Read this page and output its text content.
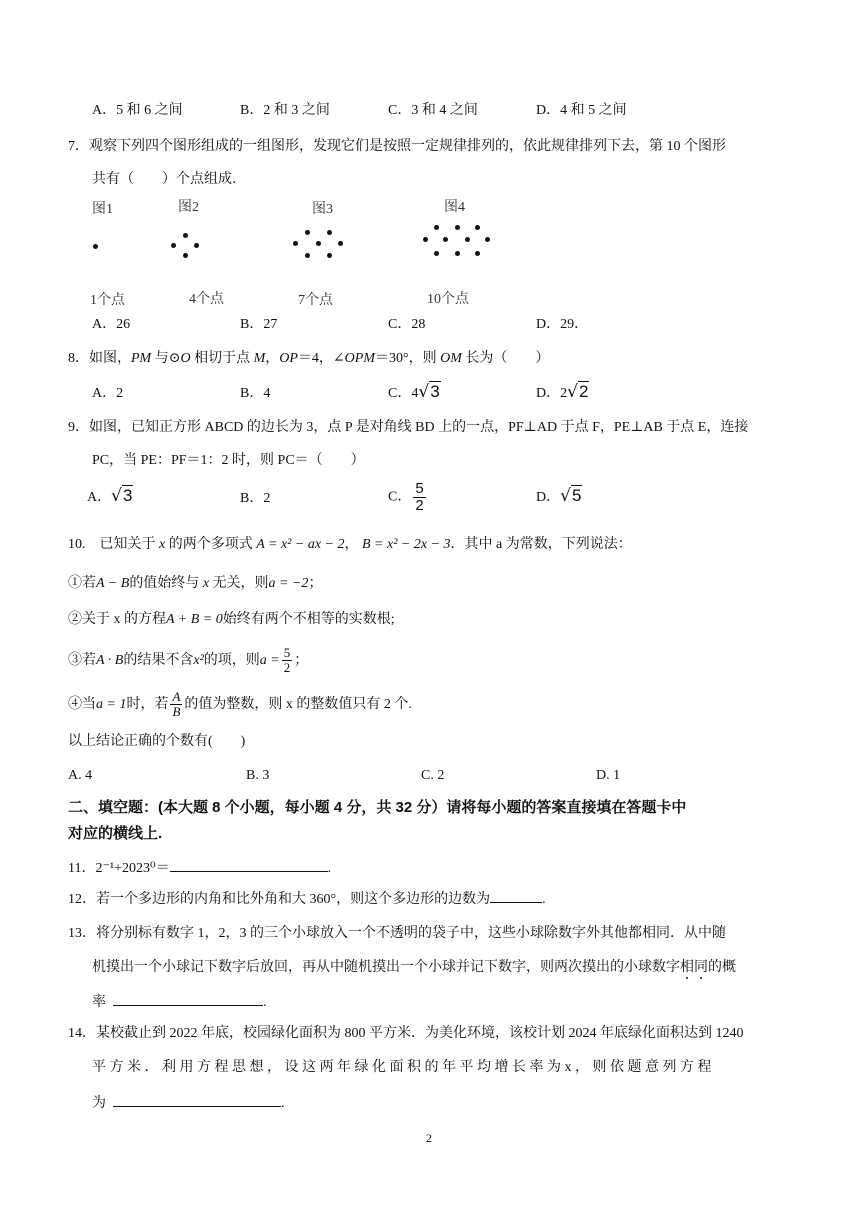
A．5 和 6 之间	B．2 和 3 之间	C．3 和 4 之间	D．4 和 5 之间
7．观察下列四个图形组成的一组图形，发现它们是按照一定规律排列的，依此规律排列下去，第 10 个图形
共有（　　）个点组成．
图1	图2	图3	图4
1个点	4个点	7个点	10个点
A．26	B．27	C．28	D．29．
8．如图，PM 与⊙O 相切于点 M，OP＝4，∠OPM＝30°，则 OM 长为（　　）
A．2	B．4	C．4√3	D．2√2
9．如图，已知正方形 ABCD 的边长为 3，点 P 是对角线 BD 上的一点，PF⊥AD 于点 F，PE⊥AB 于点 E，连接
PC，当 PE：PF＝1：2 时，则 PC＝（　　）
A．√3	B．2	C． $\frac{5}{2}$	D．√5
10.　已知关于 x 的两个多项式 A = x² − ax − 2， B = x² − 2x − 3．其中 a 为常数，下列说法：
①若A − B的值始终与 x 无关，则a = −2；
②关于 x 的方程A + B = 0始终有两个不相等的实数根;
③若A · B的结果不含x²的项，则$a = \frac{5}{2}$ ；
④当a = 1时，若 $\frac{A}{B}$ 的值为整数，则 x 的整数值只有 2 个.
以上结论正确的个数有(　　)
A. 4	B. 3	C. 2	D. 1
二、填空题：(本大题 8 个小题，每小题 4 分，共 32 分）请将每小题的答案直接填在答题卡中
对应的横线上.
11．2⁻¹+2023⁰＝	.
12．若一个多边形的内角和比外角和大 360°，则这个多边形的边数为	.
13．将分别标有数字 1，2，3 的三个小球放入一个不透明的袋子中，这些小球除数字外其他都相同．从中随
机摸出一个小球记下数字后放回，再从中随机摸出一个小球并记下数字，则两次摸出的小球数字相同的概
率	.
14．某校截止到 2022 年底，校园绿化面积为 800 平方米．为美化环境，该校计划 2024 年底绿化面积达到 1240
平 方 米 ． 利 用 方 程 思 想 ， 设 这 两 年 绿 化 面 积 的 年 平 均 增 长 率 为 x ， 则 依 题 意 列 方 程
为	.
2
